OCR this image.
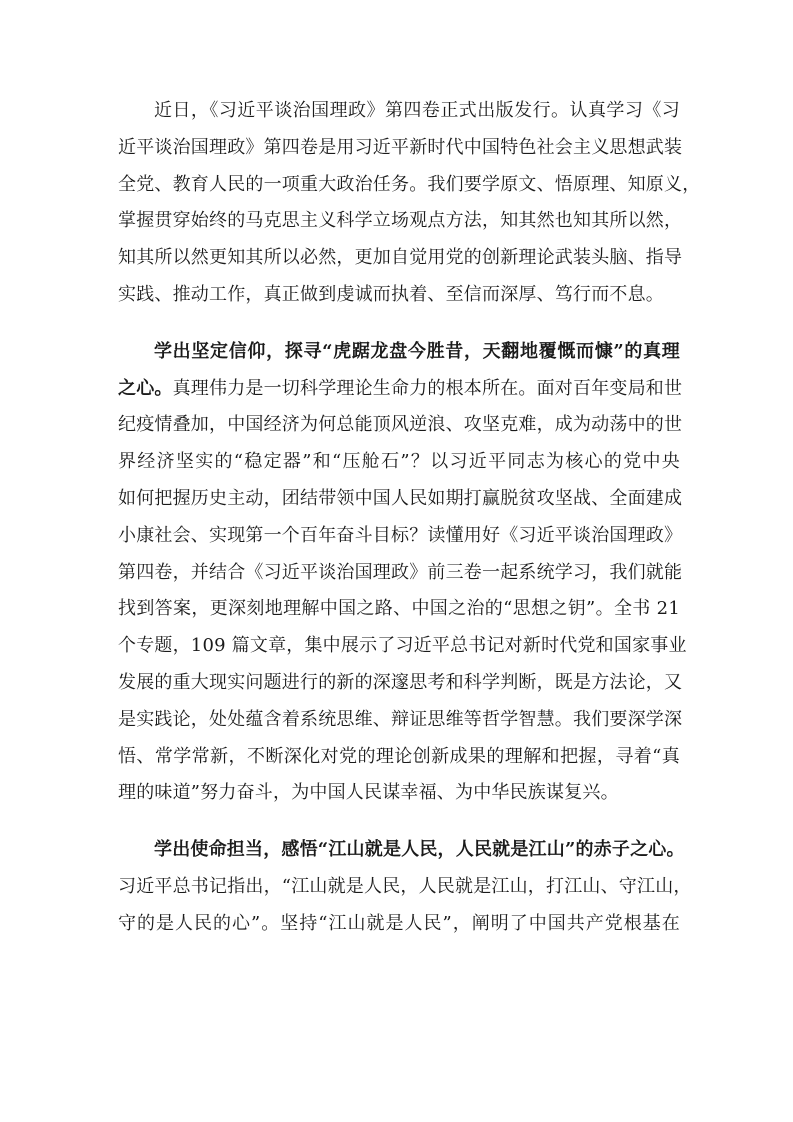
近日，《习近平谈治国理政》第四卷正式出版发行。认真学习《习
近平谈治国理政》第四卷是用习近平新时代中国特色社会主义思想武装
全党、教育人民的一项重大政治任务。我们要学原文、悟原理、知原义，
掌握贯穿始终的马克思主义科学立场观点方法，知其然也知其所以然，
知其所以然更知其所以必然，更加自觉用党的创新理论武装头脑、指导
实践、推动工作，真正做到虔诚而执着、至信而深厚、笃行而不息。
学出坚定信仰，探寻“虎踞龙盘今胜昔，天翻地覆慨而慷”的真理
之心。真理伟力是一切科学理论生命力的根本所在。面对百年变局和世
纪疫情叠加，中国经济为何总能顶风逆浪、攻坚克难，成为动荡中的世
界经济坚实的“稳定器”和“压舱石”？以习近平同志为核心的党中央
如何把握历史主动，团结带领中国人民如期打赢脱贫攻坚战、全面建成
小康社会、实现第一个百年奋斗目标？读懂用好《习近平谈治国理政》
第四卷，并结合《习近平谈治国理政》前三卷一起系统学习，我们就能
找到答案，更深刻地理解中国之路、中国之治的“思想之钥”。全书 21
个专题，109 篇文章，集中展示了习近平总书记对新时代党和国家事业
发展的重大现实问题进行的新的深邃思考和科学判断，既是方法论，又
是实践论，处处蕴含着系统思维、辩证思维等哲学智慧。我们要深学深
悟、常学常新，不断深化对党的理论创新成果的理解和把握，寻着“真
理的味道”努力奋斗，为中国人民谋幸福、为中华民族谋复兴。
学出使命担当，感悟“江山就是人民，人民就是江山”的赤子之心。
习近平总书记指出，“江山就是人民，人民就是江山，打江山、守江山，
守的是人民的心”。坚持“江山就是人民”，阐明了中国共产党根基在
